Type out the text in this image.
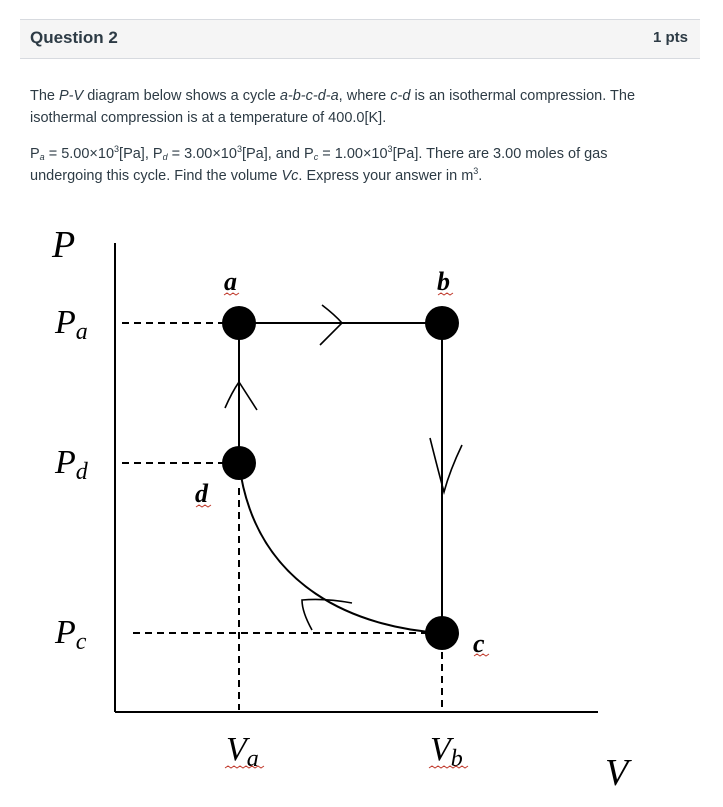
Question 2	1 pts

The P-V diagram below shows a cycle a-b-c-d-a, where c-d is an isothermal compression. The isothermal compression is at a temperature of 400.0[K].

$P_a = 5.00\times 10^3[Pa]$, $P_d = 3.00\times 10^3[Pa]$, and $P_c = 1.00\times 10^3[Pa]$. There are 3.00 moles of gas undergoing this cycle. Find the volume Vc. Express your answer in $m^3$.

P
V
Pa
Pd
Pc
Va	Vb
a	b
c
d
